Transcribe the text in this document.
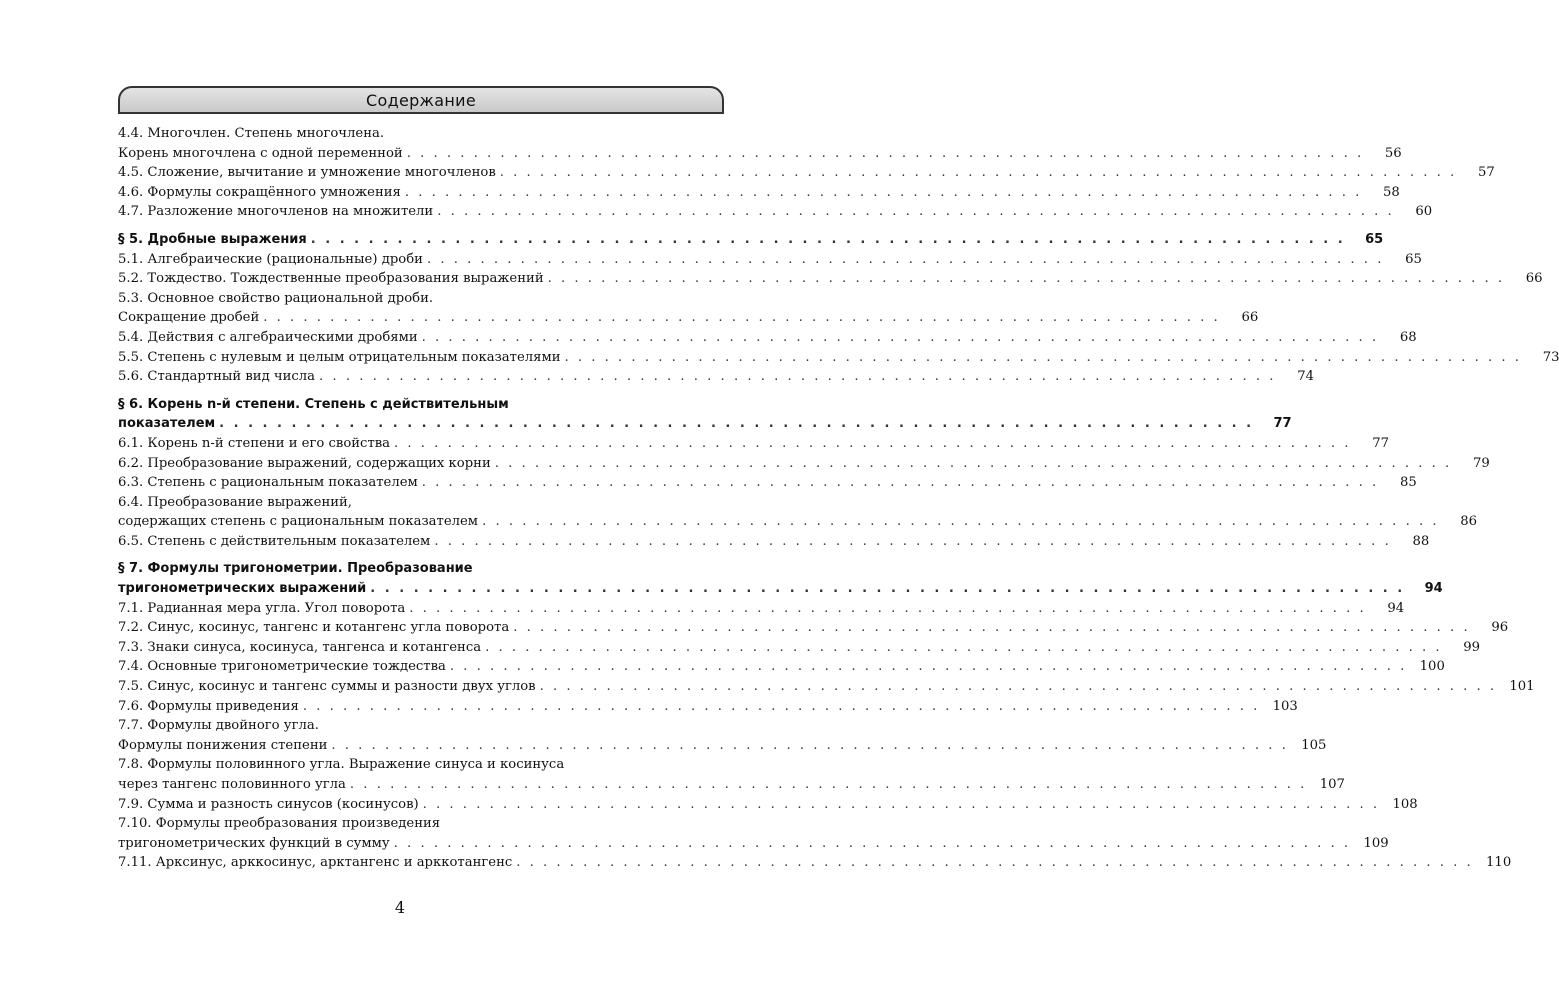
Содержание
4.4. Многочлен. Степень многочлена.
Корень многочлена с одной переменной . . . . . . . . . . . . . . . . . . . . . . . . . . . . . . . . . . . . . . . . . . . . . . . . . . . . . . . . . . . . . . . . . . . . . . . .	56
4.5. Сложение, вычитание и умножение многочленов . . . . . . . . . . . . . . . . . . . . . . . . . . . . . . . . . . . . . . . . . . . . . . . . . . . . . . . . . . . . . . . . . . . . . . . .	57
4.6. Формулы сокращённого умножения . . . . . . . . . . . . . . . . . . . . . . . . . . . . . . . . . . . . . . . . . . . . . . . . . . . . . . . . . . . . . . . . . . . . . . . .	58
4.7. Разложение многочленов на множители . . . . . . . . . . . . . . . . . . . . . . . . . . . . . . . . . . . . . . . . . . . . . . . . . . . . . . . . . . . . . . . . . . . . . . . .	60
§ 5. Дробные выражения . . . . . . . . . . . . . . . . . . . . . . . . . . . . . . . . . . . . . . . . . . . . . . . . . . . . . . . . . . . . . . . . . . . . . . . .	65
5.1. Алгебраические (рациональные) дроби . . . . . . . . . . . . . . . . . . . . . . . . . . . . . . . . . . . . . . . . . . . . . . . . . . . . . . . . . . . . . . . . . . . . . . . .	65
5.2. Тождество. Тождественные преобразования выражений . . . . . . . . . . . . . . . . . . . . . . . . . . . . . . . . . . . . . . . . . . . . . . . . . . . . . . . . . . . . . . . . . . . . . . . .	66
5.3. Основное свойство рациональной дроби.
Сокращение дробей . . . . . . . . . . . . . . . . . . . . . . . . . . . . . . . . . . . . . . . . . . . . . . . . . . . . . . . . . . . . . . . . . . . . . . . .	66
5.4. Действия с алгебраическими дробями . . . . . . . . . . . . . . . . . . . . . . . . . . . . . . . . . . . . . . . . . . . . . . . . . . . . . . . . . . . . . . . . . . . . . . . .	68
5.5. Степень с нулевым и целым отрицательным показателями . . . . . . . . . . . . . . . . . . . . . . . . . . . . . . . . . . . . . . . . . . . . . . . . . . . . . . . . . . . . . . . . . . . . . . . .	73
5.6. Стандартный вид числа . . . . . . . . . . . . . . . . . . . . . . . . . . . . . . . . . . . . . . . . . . . . . . . . . . . . . . . . . . . . . . . . . . . . . . . .	74
§ 6. Корень n-й степени. Степень с действительным
показателем . . . . . . . . . . . . . . . . . . . . . . . . . . . . . . . . . . . . . . . . . . . . . . . . . . . . . . . . . . . . . . . . . . . . . . . .	77
6.1. Корень n-й степени и его свойства . . . . . . . . . . . . . . . . . . . . . . . . . . . . . . . . . . . . . . . . . . . . . . . . . . . . . . . . . . . . . . . . . . . . . . . .	77
6.2. Преобразование выражений, содержащих корни . . . . . . . . . . . . . . . . . . . . . . . . . . . . . . . . . . . . . . . . . . . . . . . . . . . . . . . . . . . . . . . . . . . . . . . .	79
6.3. Степень с рациональным показателем . . . . . . . . . . . . . . . . . . . . . . . . . . . . . . . . . . . . . . . . . . . . . . . . . . . . . . . . . . . . . . . . . . . . . . . .	85
6.4. Преобразование выражений,
содержащих степень с рациональным показателем . . . . . . . . . . . . . . . . . . . . . . . . . . . . . . . . . . . . . . . . . . . . . . . . . . . . . . . . . . . . . . . . . . . . . . . .	86
6.5. Степень с действительным показателем . . . . . . . . . . . . . . . . . . . . . . . . . . . . . . . . . . . . . . . . . . . . . . . . . . . . . . . . . . . . . . . . . . . . . . . .	88
§ 7. Формулы тригонометрии. Преобразование
тригонометрических выражений . . . . . . . . . . . . . . . . . . . . . . . . . . . . . . . . . . . . . . . . . . . . . . . . . . . . . . . . . . . . . . . . . . . . . . . .	94
7.1. Радианная мера угла. Угол поворота . . . . . . . . . . . . . . . . . . . . . . . . . . . . . . . . . . . . . . . . . . . . . . . . . . . . . . . . . . . . . . . . . . . . . . . .	94
7.2. Синус, косинус, тангенс и котангенс угла поворота . . . . . . . . . . . . . . . . . . . . . . . . . . . . . . . . . . . . . . . . . . . . . . . . . . . . . . . . . . . . . . . . . . . . . . . .	96
7.3. Знаки синуса, косинуса, тангенса и котангенса . . . . . . . . . . . . . . . . . . . . . . . . . . . . . . . . . . . . . . . . . . . . . . . . . . . . . . . . . . . . . . . . . . . . . . . .	99
7.4. Основные тригонометрические тождества . . . . . . . . . . . . . . . . . . . . . . . . . . . . . . . . . . . . . . . . . . . . . . . . . . . . . . . . . . . . . . . . . . . . . . . . 100
7.5. Синус, косинус и тангенс суммы и разности двух углов . . . . . . . . . . . . . . . . . . . . . . . . . . . . . . . . . . . . . . . . . . . . . . . . . . . . . . . . . . . . . . . . . . . . . . . . 101
7.6. Формулы приведения . . . . . . . . . . . . . . . . . . . . . . . . . . . . . . . . . . . . . . . . . . . . . . . . . . . . . . . . . . . . . . . . . . . . . . . . 103
7.7. Формулы двойного угла.
Формулы понижения степени . . . . . . . . . . . . . . . . . . . . . . . . . . . . . . . . . . . . . . . . . . . . . . . . . . . . . . . . . . . . . . . . . . . . . . . . 105
7.8. Формулы половинного угла. Выражение синуса и косинуса
через тангенс половинного угла . . . . . . . . . . . . . . . . . . . . . . . . . . . . . . . . . . . . . . . . . . . . . . . . . . . . . . . . . . . . . . . . . . . . . . . . 107
7.9. Сумма и разность синусов (косинусов) . . . . . . . . . . . . . . . . . . . . . . . . . . . . . . . . . . . . . . . . . . . . . . . . . . . . . . . . . . . . . . . . . . . . . . . . 108
7.10. Формулы преобразования произведения
тригонометрических функций в сумму . . . . . . . . . . . . . . . . . . . . . . . . . . . . . . . . . . . . . . . . . . . . . . . . . . . . . . . . . . . . . . . . . . . . . . . . 109
7.11. Арксинус, арккосинус, арктангенс и арккотангенс . . . . . . . . . . . . . . . . . . . . . . . . . . . . . . . . . . . . . . . . . . . . . . . . . . . . . . . . . . . . . . . . . . . . . . . . 110
4
